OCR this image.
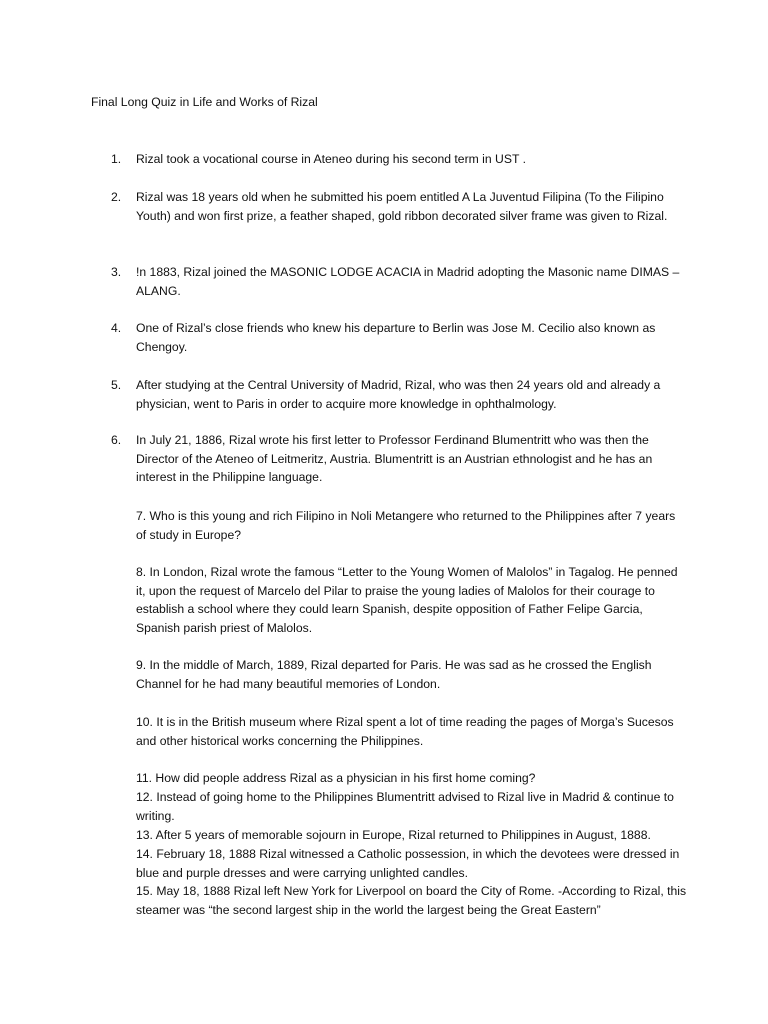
Final Long Quiz in Life and Works of Rizal
1.	Rizal took a vocational course in Ateneo during his second term in UST .
2.	Rizal was 18 years old when he submitted his poem entitled A La Juventud Filipina (To the Filipino Youth) and won first prize, a feather shaped, gold ribbon decorated silver frame was given to Rizal.
3.	!n 1883, Rizal joined the MASONIC LODGE ACACIA in Madrid adopting the Masonic name DIMAS – ALANG.
4.	One of Rizal’s close friends who knew his departure to Berlin was Jose M. Cecilio also known as Chengoy.
5.	After studying at the Central University of Madrid, Rizal, who was then 24 years old and already a physician, went to Paris in order to acquire more knowledge in ophthalmology.
6.	In July 21, 1886, Rizal wrote his first letter to Professor Ferdinand Blumentritt who was then the Director of the Ateneo of Leitmeritz, Austria. Blumentritt is an Austrian ethnologist and he has an interest in the Philippine language.
7. Who is this young and rich Filipino in Noli Metangere who returned to the Philippines after 7 years of study in Europe?
8. In London, Rizal wrote the famous “Letter to the Young Women of Malolos” in Tagalog. He penned it, upon the request of Marcelo del Pilar to praise the young ladies of Malolos for their courage to establish a school where they could learn Spanish, despite opposition of Father Felipe Garcia, Spanish parish priest of Malolos.
9. In the middle of March, 1889, Rizal departed for Paris. He was sad as he crossed the English Channel for he had many beautiful memories of London.
10. It is in the British museum where Rizal spent a lot of time reading the pages of Morga’s Sucesos and other historical works concerning the Philippines.
11. How did people address Rizal as a physician in his first home coming?
12. Instead of going home to the Philippines Blumentritt advised to Rizal live in Madrid & continue to writing.
13. After 5 years of memorable sojourn in Europe, Rizal returned to Philippines in August, 1888.
14. February 18, 1888 Rizal witnessed a Catholic possession, in which the devotees were dressed in blue and purple dresses and were carrying unlighted candles.
15. May 18, 1888 Rizal left New York for Liverpool on board the City of Rome. -According to Rizal, this steamer was “the second largest ship in the world the largest being the Great Eastern”
